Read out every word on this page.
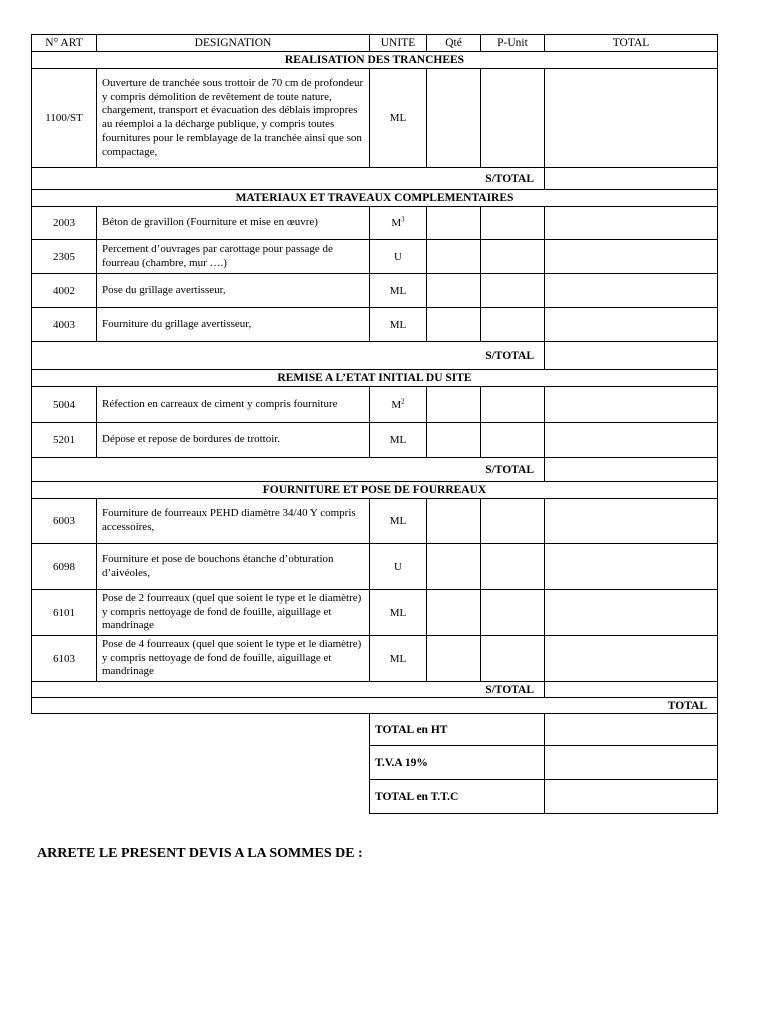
N° ART	DESIGNATION	UNITE	Qté	P-Unit	TOTAL
REALISATION DES TRANCHEES					
1100/ST	Ouverture de tranchée sous trottoir de 70 cm de profondeur y compris démolition de revêtement de toute nature, chargement, transport et évacuation des déblais impropres au réemploi a la décharge publique, y compris toutes fournitures pour le remblayage de la tranchée ainsi que son compactage,	ML			
S/TOTAL					
MATERIAUX ET TRAVEAUX COMPLEMENTAIRES					
2003	Béton de gravillon (Fourniture et mise en œuvre)	$M^3$			
2305	Percement d’ouvrages par carottage pour passage de fourreau (chambre, mur ….)	U			
4002	Pose du grillage avertisseur,	ML			
4003	Fourniture du grillage avertisseur,	ML			
S/TOTAL					
REMISE A L’ETAT INITIAL DU SITE					
5004	Réfection en carreaux de ciment y compris fourniture	$M^2$			
5201	Dépose et repose de bordures de trottoir.	ML			
S/TOTAL					
FOURNITURE ET POSE DE FOURREAUX					
6003	Fourniture de fourreaux PEHD diamètre 34/40 Y compris accessoires,	ML			
6098	Fourniture et pose de bouchons étanche d’obturation d’aivéoles,	U			
6101	Pose de 2 fourreaux (quel que soient le type et le diamètre) y compris nettoyage de fond de fouille, aiguillage et mandrinage	ML			
6103	Pose de 4 fourreaux (quel que soient le type et le diamètre) y compris nettoyage de fond de fouille, aiguillage et mandrinage	ML			
S/TOTAL					
TOTAL					
		TOTAL en HT			
		T.V.A 19%			
		TOTAL en T.T.C			
ARRETE LE PRESENT DEVIS A LA SOMMES DE :
